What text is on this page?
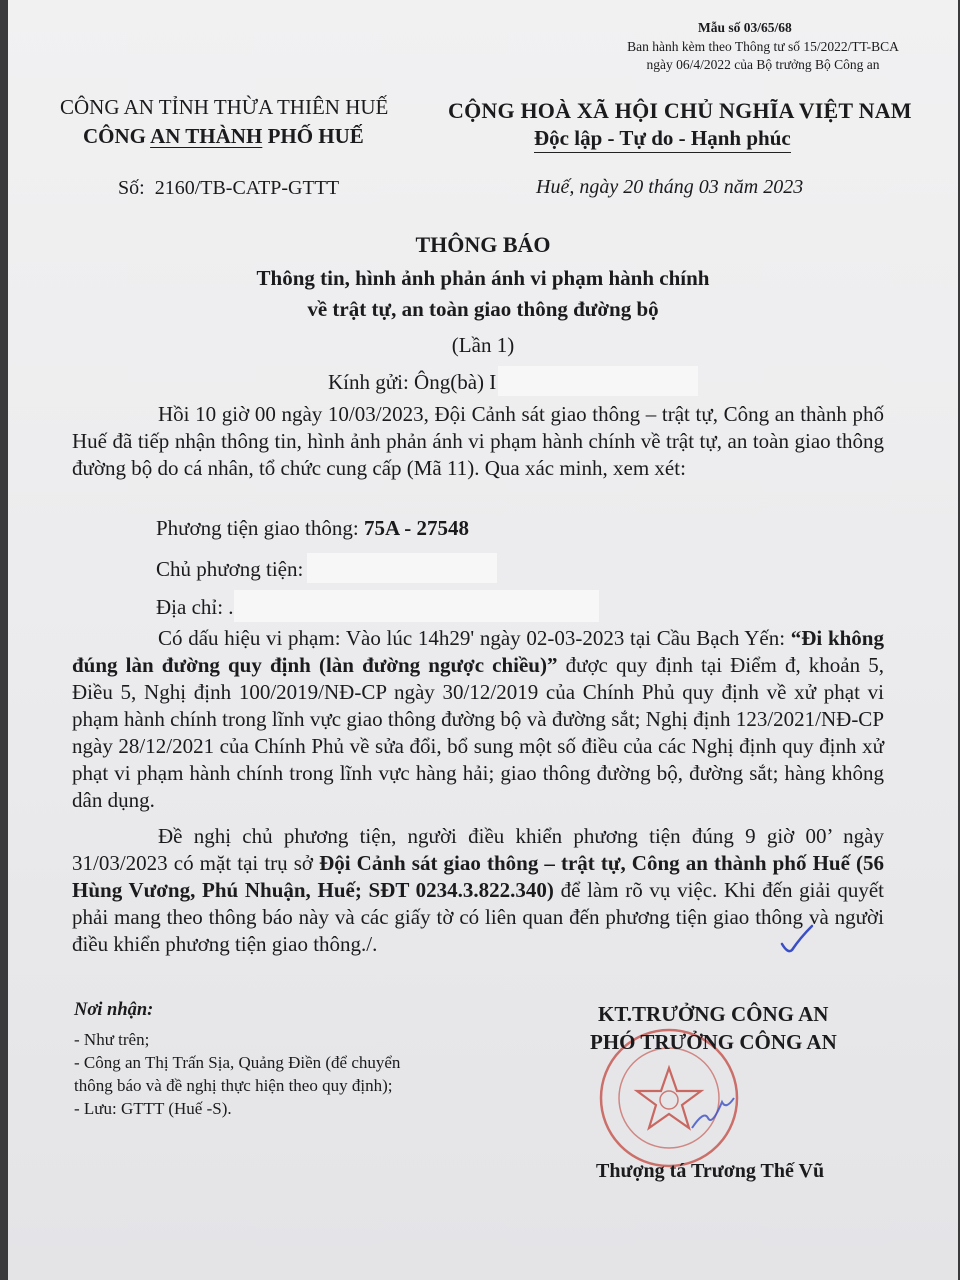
Mẫu số 03/65/68
Ban hành kèm theo Thông tư số 15/2022/TT-BCA
ngày 06/4/2022 của Bộ trưởng Bộ Công an
CÔNG AN TỈNH THỪA THIÊN HUẾ
CÔNG AN THÀNH PHỐ HUẾ
CỘNG HOÀ XÃ HỘI CHỦ NGHĨA VIỆT NAM
Độc lập - Tự do - Hạnh phúc
Số: 2160/TB-CATP-GTTT	Huế, ngày 20 tháng 03 năm 2023
THÔNG BÁO
Thông tin, hình ảnh phản ánh vi phạm hành chính
về trật tự, an toàn giao thông đường bộ
(Lần 1)
Kính gửi: Ông(bà) I
Hồi 10 giờ 00 ngày 10/03/2023, Đội Cảnh sát giao thông – trật tự, Công an thành phố Huế đã tiếp nhận thông tin, hình ảnh phản ánh vi phạm hành chính về trật tự, an toàn giao thông đường bộ do cá nhân, tổ chức cung cấp (Mã 11). Qua xác minh, xem xét:
Phương tiện giao thông: 75A - 27548
Chủ phương tiện:
Địa chỉ: .
Có dấu hiệu vi phạm: Vào lúc 14h29' ngày 02-03-2023 tại Cầu Bạch Yến: “Đi không đúng làn đường quy định (làn đường ngược chiều)” được quy định tại Điểm đ, khoản 5, Điều 5, Nghị định 100/2019/NĐ-CP ngày 30/12/2019 của Chính Phủ quy định về xử phạt vi phạm hành chính trong lĩnh vực giao thông đường bộ và đường sắt; Nghị định 123/2021/NĐ-CP ngày 28/12/2021 của Chính Phủ về sửa đổi, bổ sung một số điều của các Nghị định quy định xử phạt vi phạm hành chính trong lĩnh vực hàng hải; giao thông đường bộ, đường sắt; hàng không dân dụng.
Đề nghị chủ phương tiện, người điều khiển phương tiện đúng 9 giờ 00’ ngày 31/03/2023 có mặt tại trụ sở Đội Cảnh sát giao thông – trật tự, Công an thành phố Huế (56 Hùng Vương, Phú Nhuận, Huế; SĐT 0234.3.822.340) để làm rõ vụ việc. Khi đến giải quyết phải mang theo thông báo này và các giấy tờ có liên quan đến phương tiện giao thông và người điều khiển phương tiện giao thông./.
Nơi nhận:
- Như trên;
- Công an Thị Trấn Sịa, Quảng Điền (để chuyển
thông báo và đề nghị thực hiện theo quy định);
- Lưu: GTTT (Huế -S).
KT.TRƯỞNG CÔNG AN
PHÓ TRƯỞNG CÔNG AN
Thượng tá Trương Thế Vũ
